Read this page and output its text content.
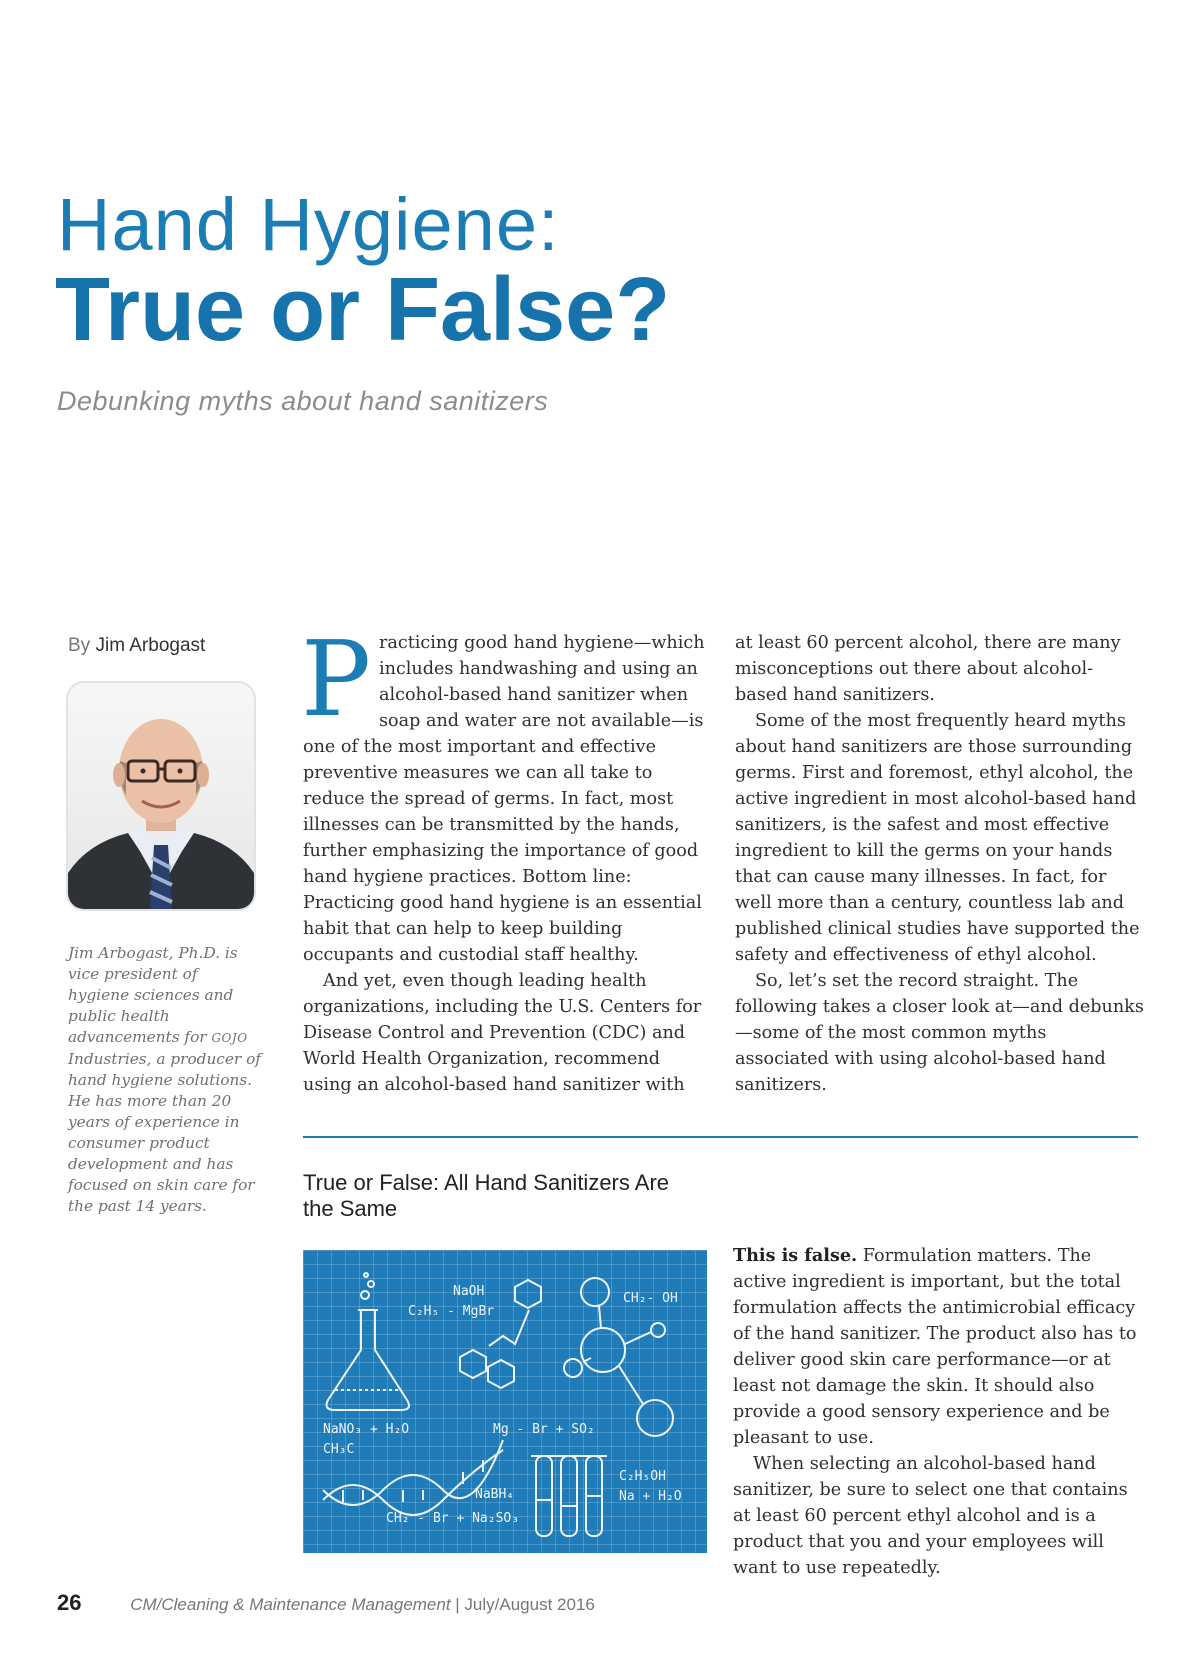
Hand Hygiene:
True or False?
Debunking myths about hand sanitizers
By Jim Arbogast

Jim Arbogast, Ph.D. is vice president of hygiene sciences and public health advancements for GOJO Industries, a producer of hand hygiene solutions. He has more than 20 years of experience in consumer product development and has focused on skin care for the past 14 years.

Practicing good hand hygiene—which includes handwashing and using an alcohol-based hand sanitizer when soap and water are not available—is one of the most important and effective preventive measures we can all take to reduce the spread of germs. In fact, most illnesses can be transmitted by the hands, further emphasizing the importance of good hand hygiene practices. Bottom line: Practicing good hand hygiene is an essential habit that can help to keep building occupants and custodial staff healthy.

And yet, even though leading health organizations, including the U.S. Centers for Disease Control and Prevention (CDC) and World Health Organization, recommend using an alcohol-based hand sanitizer with

at least 60 percent alcohol, there are many misconceptions out there about alcohol-based hand sanitizers.

Some of the most frequently heard myths about hand sanitizers are those surrounding germs. First and foremost, ethyl alcohol, the active ingredient in most alcohol-based hand sanitizers, is the safest and most effective ingredient to kill the germs on your hands that can cause many illnesses. In fact, for well more than a century, countless lab and published clinical studies have supported the safety and effectiveness of ethyl alcohol.

So, let’s set the record straight. The following takes a closer look at—and debunks—some of the most common myths associated with using alcohol-based hand sanitizers.

True or False: All Hand Sanitizers Are the Same
NaOH
C₂H₅ - MgBr
CH₂- OH
NaNO₃ + H₂O
CH₃C
Mg - Br + SO₂
NaBH₄
CH₂ - Br + Na₂SO₃
C₂H₅OH
Na + H₂O

This is false. Formulation matters. The active ingredient is important, but the total formulation affects the antimicrobial efficacy of the hand sanitizer. The product also has to deliver good skin care performance—or at least not damage the skin. It should also provide a good sensory experience and be pleasant to use.

When selecting an alcohol-based hand sanitizer, be sure to select one that contains at least 60 percent ethyl alcohol and is a product that you and your employees will want to use repeatedly.

26	CM/Cleaning & Maintenance Management | July/August 2016
